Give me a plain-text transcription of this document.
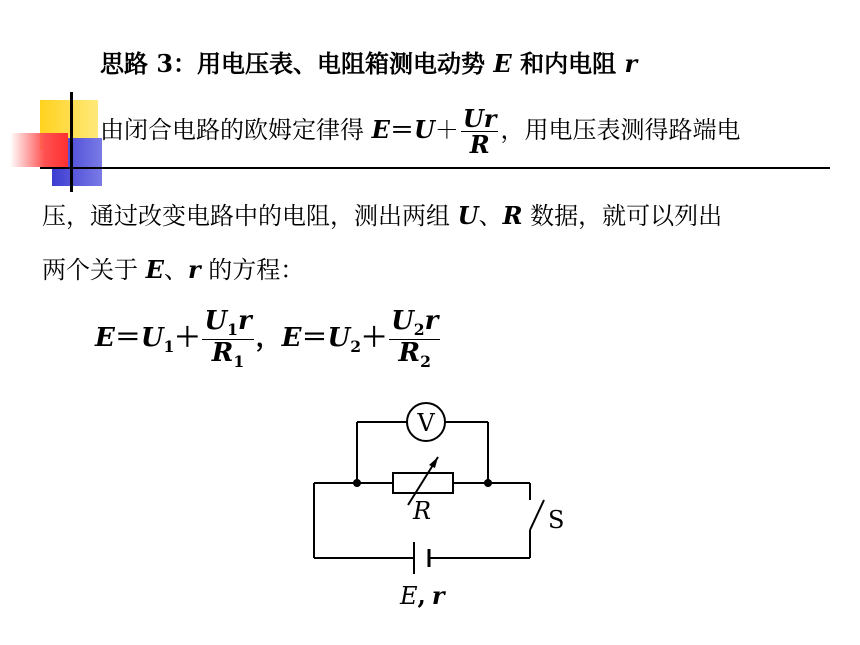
思路 3：用电压表、电阻箱测电动势 E 和内电阻 r
由闭合电路的欧姆定律得 $E=U+ \frac{Ur}{R}$ ，用电压表测得路端电
压，通过改变电路中的电阻，测出两组 U、R 数据，就可以列出
两个关于 E、r 的方程：
$E=U_1+ \frac{U_1r}{R_1}$ ，$E=U_2+ \frac{U_2r}{R_2}$
V
R	S
E, r
